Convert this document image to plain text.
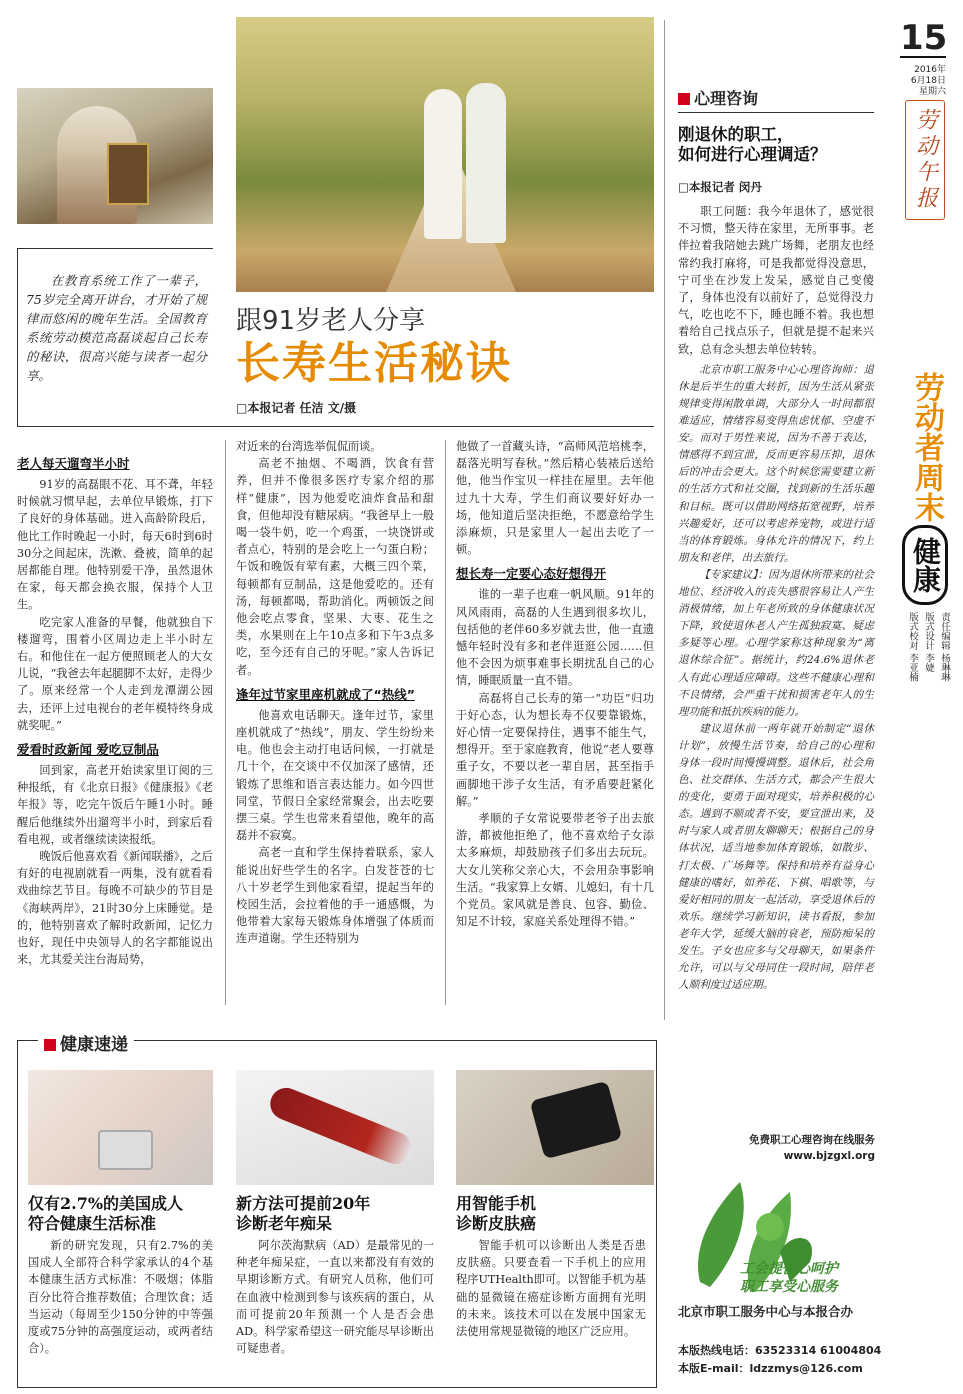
在教育系统工作了一辈子，75岁完全离开讲台，才开始了规律而悠闲的晚年生活。全国教育系统劳动模范高磊谈起自己长寿的秘诀，很高兴能与读者一起分享。
跟91岁老人分享
长寿生活秘诀
□本报记者 任洁 文/摄
老人每天遛弯半小时

91岁的高磊眼不花、耳不聋，年轻时候就习惯早起，去单位早锻炼，打下了良好的身体基础。进入高龄阶段后，他比工作时晚起一小时，每天6时到6时30分之间起床，洗漱、叠被，简单的起居都能自理。他特别爱干净，虽然退休在家，每天都会换衣服，保持个人卫生。

吃完家人准备的早餐，他就独自下楼遛弯，围着小区周边走上半小时左右。和他住在一起方便照顾老人的大女儿说，“我爸去年起腿脚不太好，走得少了。原来经常一个人走到龙潭湖公园去，还评上过电视台的老年模特终身成就奖呢。”

爱看时政新闻 爱吃豆制品

回到家，高老开始读家里订阅的三种报纸，有《北京日报》《健康报》《老年报》等，吃完午饭后午睡1小时。睡醒后他继续外出遛弯半小时，到家后看看电视，或者继续读读报纸。

晚饭后他喜欢看《新闻联播》，之后有好的电视剧就看一两集，没有就看看戏曲综艺节目。每晚不可缺少的节目是《海峡两岸》，21时30分上床睡觉。是的，他特别喜欢了解时政新闻，记忆力也好，现任中央领导人的名字都能说出来，尤其爱关注台海局势，

对近来的台湾选举侃侃而谈。

高老不抽烟、不喝酒，饮食有营养，但并不像很多医疗专家介绍的那样“健康”，因为他爱吃油炸食品和甜食，但他却没有糖尿病。“我爸早上一般喝一袋牛奶，吃一个鸡蛋，一块饶饼或者点心，特别的是会吃上一勺蛋白粉；午饭和晚饭有荤有素，大概三四个菜，每顿都有豆制品，这是他爱吃的。还有汤，每顿都喝，帮助消化。两顿饭之间他会吃点零食，坚果、大枣、花生之类，水果则在上午10点多和下午3点多吃，至今还有自己的牙呢。”家人告诉记者。

逢年过节家里座机就成了“热线”

他喜欢电话聊天。逢年过节，家里座机就成了“热线”，朋友、学生纷纷来电。他也会主动打电话问候，一打就是几十个，在交谈中不仅加深了感情，还锻炼了思维和语言表达能力。如今四世同堂，节假日全家经常聚会，出去吃要摆三桌。学生也常来看望他，晚年的高磊并不寂寞。

高老一直和学生保持着联系，家人能说出好些学生的名字。白发苍苍的七八十岁老学生到他家看望，提起当年的校园生活，会拉着他的手一通感慨，为他带着大家每天锻炼身体增强了体质而连声道谢。学生还特别为

他做了一首藏头诗，“高师风范培桃李，磊落光明写春秋。”然后精心装裱后送给他，他当作宝贝一样挂在屋里。去年他过九十大寿，学生们商议要好好办一场，他知道后坚决拒绝，不愿意给学生添麻烦，只是家里人一起出去吃了一顿。

想长寿一定要心态好想得开

谁的一辈子也难一帆风顺。91年的风风雨雨，高磊的人生遇到很多坎儿，包括他的老伴60多岁就去世，他一直遗憾年轻时没有多和老伴逛逛公园……但他不会因为烦事难事长期扰乱自己的心情，睡眠质量一直不错。

高磊将自己长寿的第一“功臣”归功于好心态，认为想长寿不仅要靠锻炼，好心情一定要保持住，遇事不能生气，想得开。至于家庭教育，他说“老人要尊重子女，不要以老一辈自居，甚至指手画脚地干涉子女生活，有矛盾要赶紧化解。”

孝顺的子女常说要带老爷子出去旅游，都被他拒绝了，他不喜欢给子女添太多麻烦，却鼓励孩子们多出去玩玩。大女儿笑称父亲心大，不会用杂事影响生活。“我家算上女婿、儿媳妇，有十几个党员。家风就是善良、包容、勤俭、知足不计较，家庭关系处理得不错。”

心理咨询
刚退休的职工，
如何进行心理调适？
□本报记者 闵丹

职工问题：我今年退休了，感觉很不习惯，整天待在家里，无所事事。老伴拉着我陪她去跳广场舞，老朋友也经常约我打麻将，可是我都觉得没意思，宁可坐在沙发上发呆，感觉自己变傻了，身体也没有以前好了，总觉得没力气，吃也吃不下，睡也睡不着。我也想着给自己找点乐子，但就是提不起来兴致，总有念头想去单位转转。

北京市职工服务中心心理咨询师：退休是后半生的重大转折，因为生活从紧张规律变得闲散单调，大部分人一时间都很难适应，情绪容易变得焦虑忧郁、空虚不安。而对于男性来说，因为不善于表达，情感得不到宣泄，反而更容易压抑，退休后的冲击会更大。这个时候您需要建立新的生活方式和社交圈，找到新的生活乐趣和目标。既可以借助网络拓宽视野，培养兴趣爱好，还可以考虑养宠物，或进行适当的体育锻炼。身体允许的情况下，约上朋友和老伴，出去旅行。

【专家建议】：因为退休所带来的社会地位、经济收入的丧失感很容易让人产生消极情绪，加上年老所致的身体健康状况下降，致使退休老人产生孤独寂寞、疑虑多疑等心理。心理学家称这种现象为“离退休综合征”。据统计，约24.6%退休老人有此心理适应障碍。这些不健康心理和不良情绪，会严重干扰和损害老年人的生理功能和抵抗疾病的能力。

建议退休前一两年就开始制定“退休计划”，放慢生活节奏，给自己的心理和身体一段时间慢慢调整。退休后，社会角色、社交群体、生活方式，都会产生很大的变化，要勇于面对现实，培养积极的心态。遇到不顺或者不安，要宣泄出来，及时与家人或者朋友聊聊天；根据自己的身体状况，适当地参加体育锻炼，如散步、打太极、广场舞等。保持和培养有益身心健康的嗜好，如养花、下棋、唱歌等，与爱好相同的朋友一起活动，享受退休后的欢乐。继续学习新知识，读书看报，参加老年大学，延缓大脑的衰老，预防痴呆的发生。子女也应多与父母聊天，如果条件允许，可以与父母同住一段时间，陪伴老人顺利度过适应期。

免费职工心理咨询在线服务
www.bjzgxl.org
工会提供心呵护
职工享受心服务
北京市职工服务中心与本报合办
本版热线电话：63523314 61004804
本版E-mail：ldzzmys@126.com
15
2016年
6月18日
星期六
劳动午报
劳动者周末
健康
责任编辑 杨琳琳
版式设计 李婕
版式校对 李亚楠
健康速递
仅有2.7%的美国成人
符合健康生活标准

新的研究发现，只有2.7%的美国成人全部符合科学家承认的4个基本健康生活方式标准：不吸烟；体脂百分比符合推荐数值；合理饮食；适当运动（每周至少150分钟的中等强度或75分钟的高强度运动，或两者结合）。

新方法可提前20年
诊断老年痴呆

阿尔茨海默病（AD）是最常见的一种老年痴呆症，一直以来都没有有效的早期诊断方式。有研究人员称，他们可在血液中检测到参与该疾病的蛋白，从而可提前20年预测一个人是否会患AD。科学家希望这一研究能尽早诊断出可疑患者。

用智能手机
诊断皮肤癌

智能手机可以诊断出人类是否患皮肤癌。只要查看一下手机上的应用程序UTHealth即可。以智能手机为基础的显微镜在癌症诊断方面拥有光明的未来。该技术可以在发展中国家无法使用常规显微镜的地区广泛应用。
